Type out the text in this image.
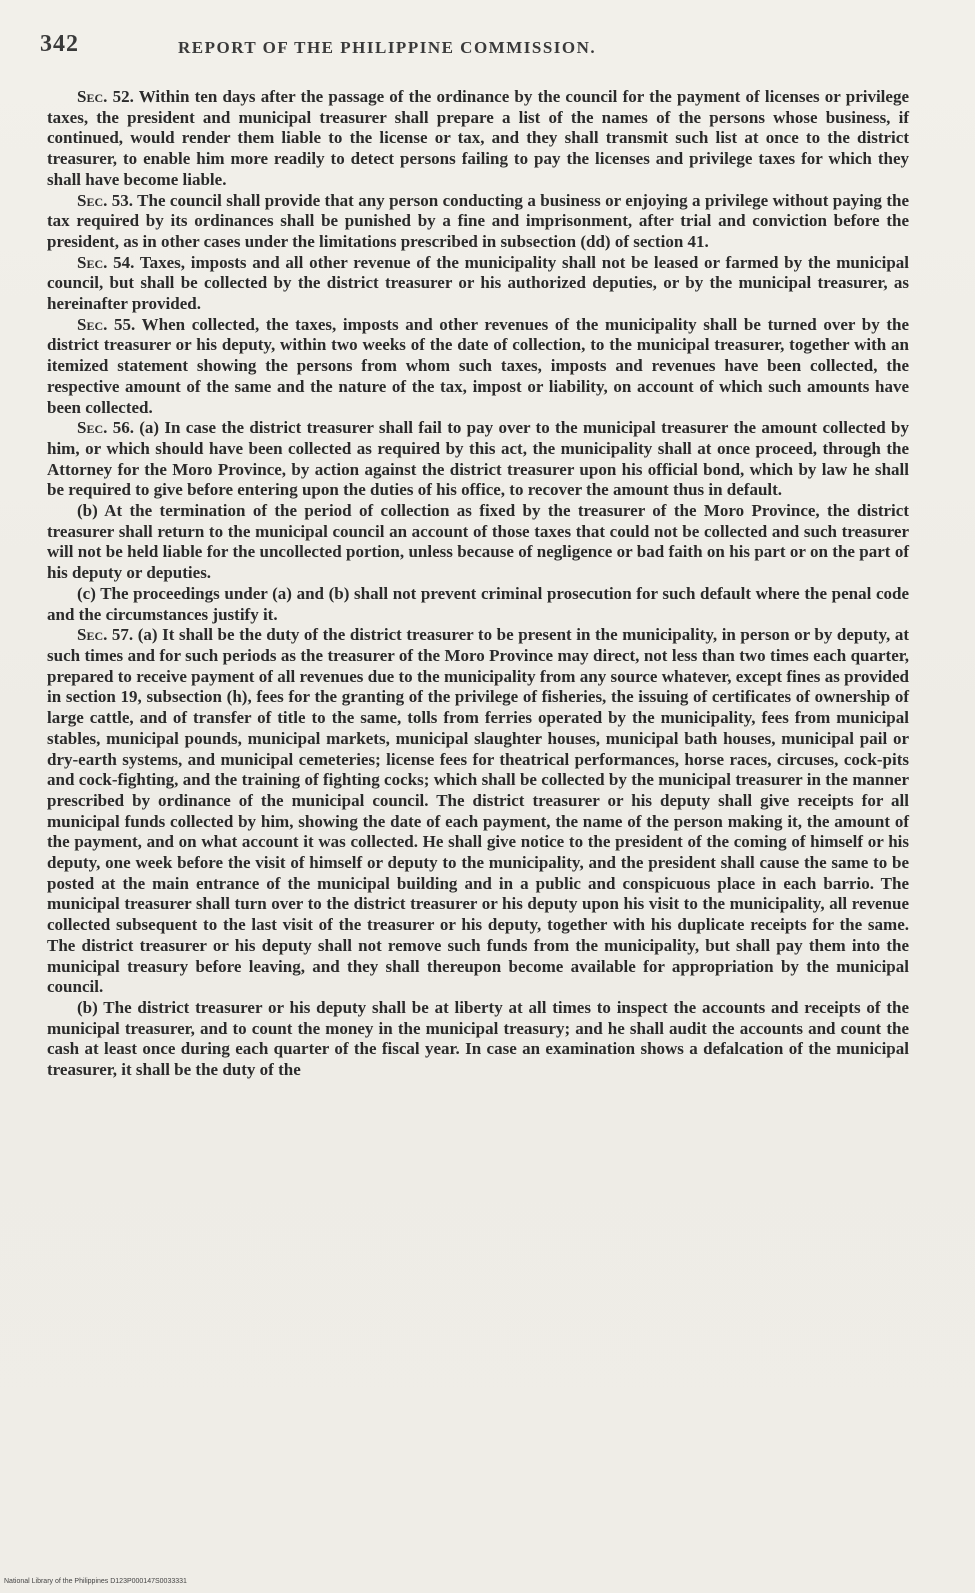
342	REPORT OF THE PHILIPPINE COMMISSION.

Sec. 52. Within ten days after the passage of the ordinance by the council for the payment of licenses or privilege taxes, the president and municipal treasurer shall prepare a list of the names of the persons whose business, if continued, would render them liable to the license or tax, and they shall transmit such list at once to the district treasurer, to enable him more readily to detect persons failing to pay the licenses and privilege taxes for which they shall have become liable.

Sec. 53. The council shall provide that any person conducting a business or enjoying a privilege without paying the tax required by its ordinances shall be punished by a fine and imprisonment, after trial and conviction before the president, as in other cases under the limitations prescribed in subsection (dd) of section 41.

Sec. 54. Taxes, imposts and all other revenue of the municipality shall not be leased or farmed by the municipal council, but shall be collected by the district treasurer or his authorized deputies, or by the municipal treasurer, as hereinafter provided.

Sec. 55. When collected, the taxes, imposts and other revenues of the municipality shall be turned over by the district treasurer or his deputy, within two weeks of the date of collection, to the municipal treasurer, together with an itemized statement showing the persons from whom such taxes, imposts and revenues have been collected, the respective amount of the same and the nature of the tax, impost or liability, on account of which such amounts have been collected.

Sec. 56. (a) In case the district treasurer shall fail to pay over to the municipal treasurer the amount collected by him, or which should have been collected as required by this act, the municipality shall at once proceed, through the Attorney for the Moro Province, by action against the district treasurer upon his official bond, which by law he shall be required to give before entering upon the duties of his office, to recover the amount thus in default.

(b) At the termination of the period of collection as fixed by the treasurer of the Moro Province, the district treasurer shall return to the municipal council an account of those taxes that could not be collected and such treasurer will not be held liable for the uncollected portion, unless because of negligence or bad faith on his part or on the part of his deputy or deputies.

(c) The proceedings under (a) and (b) shall not prevent criminal prosecution for such default where the penal code and the circumstances justify it.

Sec. 57. (a) It shall be the duty of the district treasurer to be present in the municipality, in person or by deputy, at such times and for such periods as the treasurer of the Moro Province may direct, not less than two times each quarter, prepared to receive payment of all revenues due to the municipality from any source whatever, except fines as provided in section 19, subsection (h), fees for the granting of the privilege of fisheries, the issuing of certificates of ownership of large cattle, and of transfer of title to the same, tolls from ferries operated by the municipality, fees from municipal stables, municipal pounds, municipal markets, municipal slaughter houses, municipal bath houses, municipal pail or dry-earth systems, and municipal cemeteries; license fees for theatrical performances, horse races, circuses, cock-pits and cock-fighting, and the training of fighting cocks; which shall be collected by the municipal treasurer in the manner prescribed by ordinance of the municipal council. The district treasurer or his deputy shall give receipts for all municipal funds collected by him, showing the date of each payment, the name of the person making it, the amount of the payment, and on what account it was collected. He shall give notice to the president of the coming of himself or his deputy, one week before the visit of himself or deputy to the municipality, and the president shall cause the same to be posted at the main entrance of the municipal building and in a public and conspicuous place in each barrio. The municipal treasurer shall turn over to the district treasurer or his deputy upon his visit to the municipality, all revenue collected subsequent to the last visit of the treasurer or his deputy, together with his duplicate receipts for the same. The district treasurer or his deputy shall not remove such funds from the municipality, but shall pay them into the municipal treasury before leaving, and they shall thereupon become available for appropriation by the municipal council.

(b) The district treasurer or his deputy shall be at liberty at all times to inspect the accounts and receipts of the municipal treasurer, and to count the money in the municipal treasury; and he shall audit the accounts and count the cash at least once during each quarter of the fiscal year. In case an examination shows a defalcation of the municipal treasurer, it shall be the duty of the

National Library of the Philippines D123P000147S0033331
